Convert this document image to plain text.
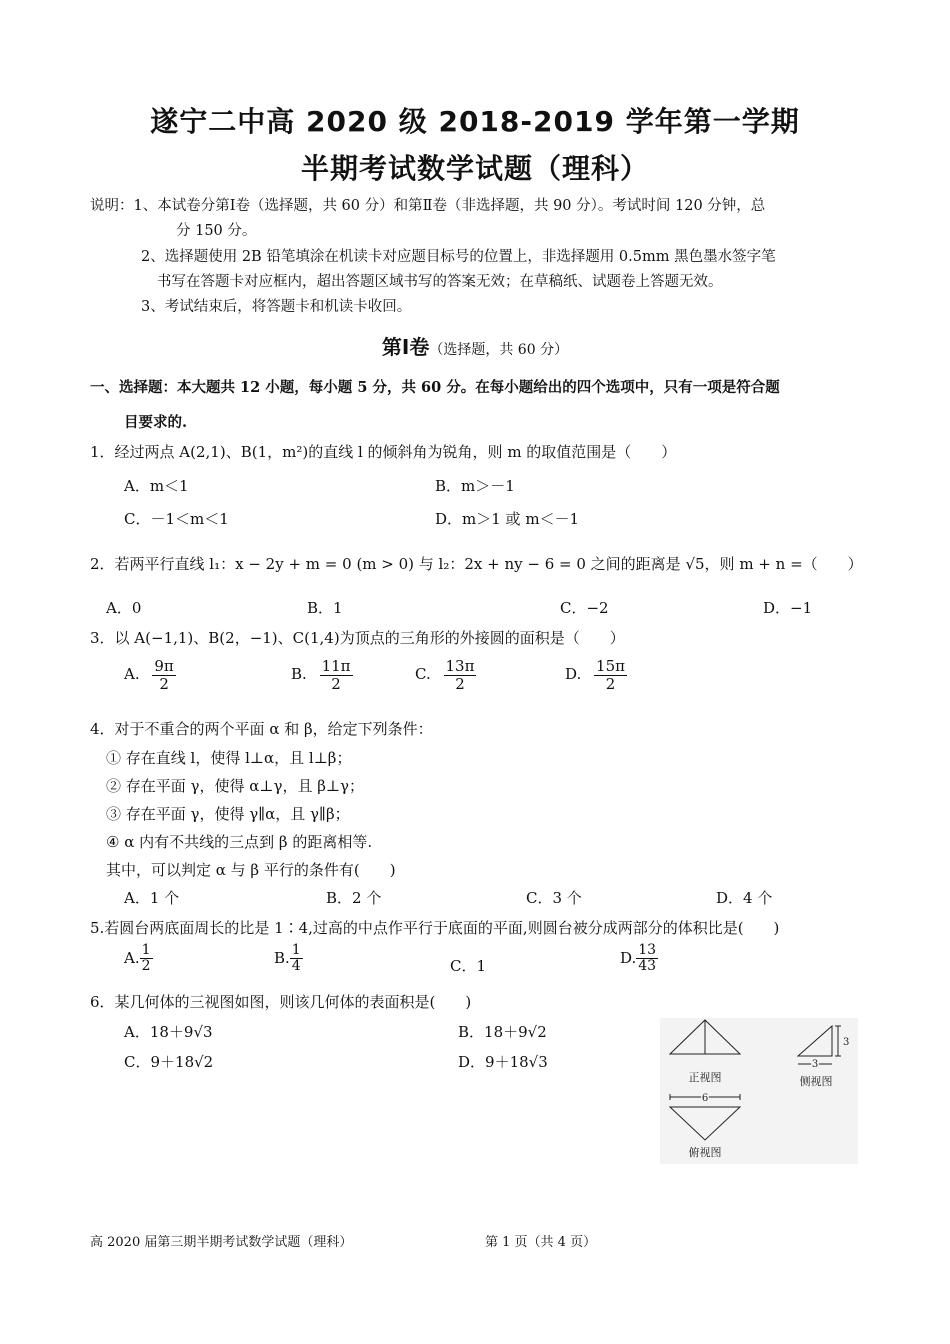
遂宁二中高 2020 级 2018-2019 学年第一学期
半期考试数学试题（理科）
说明：1、本试卷分第Ⅰ卷（选择题，共 60 分）和第Ⅱ卷（非选择题，共 90 分）。考试时间 120 分钟，总
分 150 分。
2、选择题使用 2B 铅笔填涂在机读卡对应题目标号的位置上，非选择题用 0.5mm 黑色墨水签字笔
书写在答题卡对应框内，超出答题区域书写的答案无效；在草稿纸、试题卷上答题无效。
3、考试结束后，将答题卡和机读卡收回。
第Ⅰ卷（选择题，共 60 分）
一、选择题：本大题共 12 小题，每小题 5 分，共 60 分。在每小题给出的四个选项中，只有一项是符合题
目要求的.
1．经过两点 A(2,1)、B(1，m²)的直线 l 的倾斜角为锐角，则 m 的取值范围是（　　）
A．m＜1	B．m＞－1
C．－1＜m＜1	D．m＞1 或 m＜－1
2．若两平行直线 l₁：x − 2y + m = 0 (m > 0) 与 l₂：2x + ny − 6 = 0 之间的距离是 √5，则 m + n =（　　）
A．0	B．1	C．−2	D．−1
3．以 A(−1,1)、B(2，−1)、C(1,4)为顶点的三角形的外接圆的面积是（　　）
A. $\frac{9\pi}{2}$	B. $\frac{11\pi}{2}$	C. $\frac{13\pi}{2}$	D. $\frac{15\pi}{2}$
4．对于不重合的两个平面 α 和 β，给定下列条件：
① 存在直线 l，使得 l⊥α，且 l⊥β；
② 存在平面 γ，使得 α⊥γ，且 β⊥γ；
③ 存在平面 γ，使得 γ∥α，且 γ∥β；
④ α 内有不共线的三点到 β 的距离相等.
其中，可以判定 α 与 β 平行的条件有(　　)
A．1 个	B．2 个	C．3 个	D．4 个
5.若圆台两底面周长的比是 1∶4,过高的中点作平行于底面的平面,则圆台被分成两部分的体积比是(　　)
A. $\frac{1}{2}$	B. $\frac{1}{4}$	C．1	D. $\frac{13}{43}$
6．某几何体的三视图如图，则该几何体的表面积是(　　)
A．18＋9√3	B．18＋9√2
C．9＋18√2	D．9＋18√3
正视图
3
3
侧视图
6
俯视图
高 2020 届第三期半期考试数学试题（理科）	第 1 页（共 4 页）
